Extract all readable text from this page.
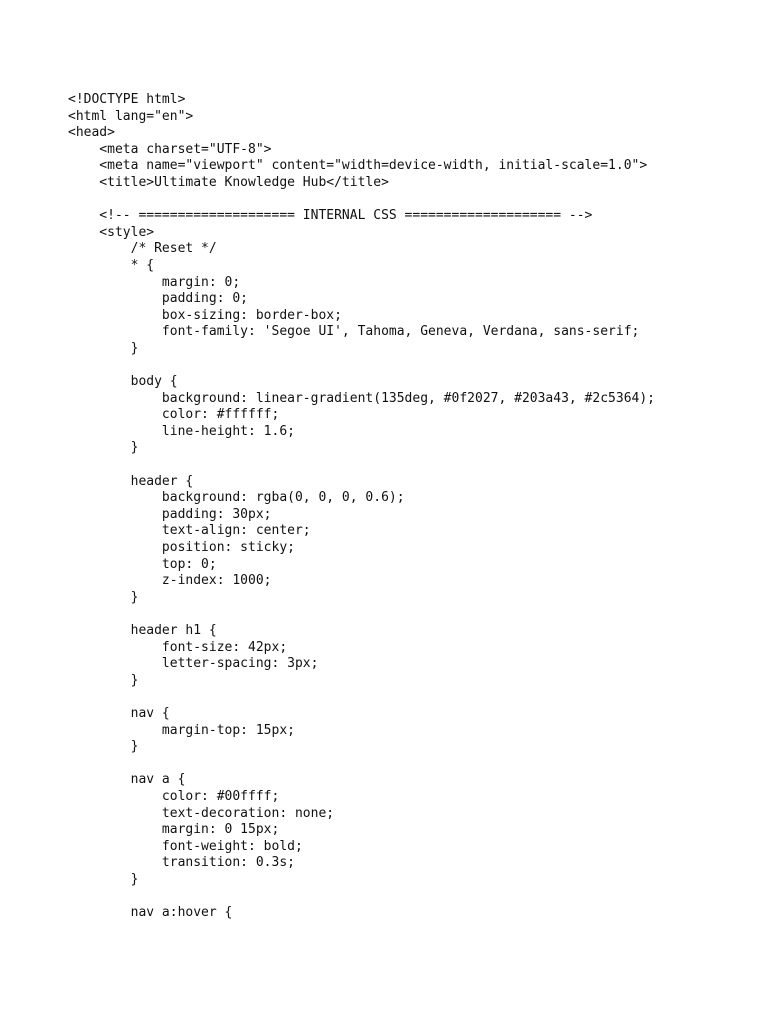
<!DOCTYPE html>
<html lang="en">
<head>
<meta charset="UTF-8">
<meta name="viewport" content="width=device-width, initial-scale=1.0">
<title>Ultimate Knowledge Hub</title>
<!-- ==================== INTERNAL CSS ==================== -->
<style>
/* Reset */
* {
margin: 0;
padding: 0;
box-sizing: border-box;
font-family: 'Segoe UI', Tahoma, Geneva, Verdana, sans-serif;
}
body {
background: linear-gradient(135deg, #0f2027, #203a43, #2c5364);
color: #ffffff;
line-height: 1.6;
}
header {
background: rgba(0, 0, 0, 0.6);
padding: 30px;
text-align: center;
position: sticky;
top: 0;
z-index: 1000;
}
header h1 {
font-size: 42px;
letter-spacing: 3px;
}
nav {
margin-top: 15px;
}
nav a {
color: #00ffff;
text-decoration: none;
margin: 0 15px;
font-weight: bold;
transition: 0.3s;
}
nav a:hover {
